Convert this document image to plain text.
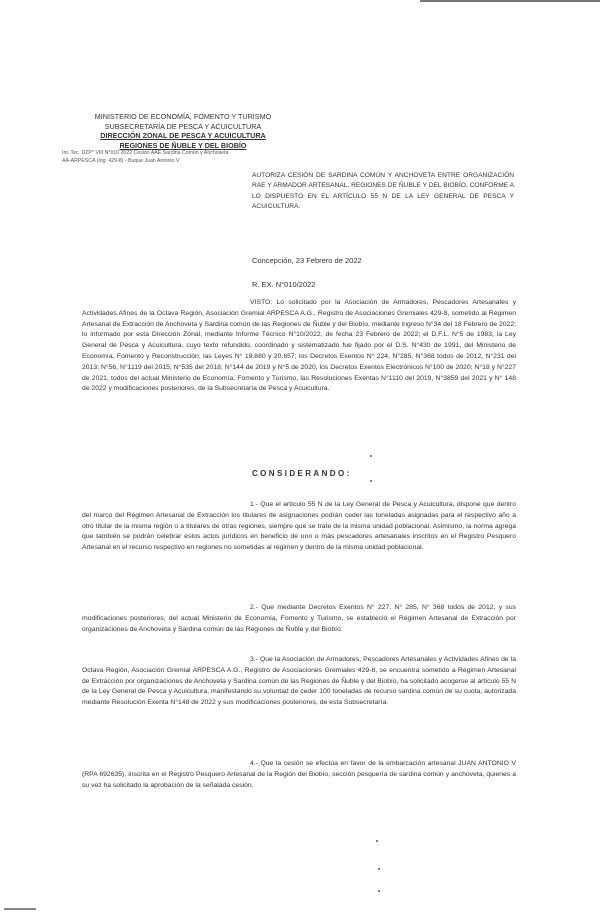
MINISTERIO DE ECONOMÍA, FOMENTO Y TURISMO
SUBSECRETARÍA DE PESCA Y ACUICULTURA
DIRECCIÓN ZONAL DE PESCA Y ACUICULTURA
REGIONES DE ÑUBLE Y DEL BIOBÍO
Int. Tec. DZP° VIII N°010 2022 Cesión AAE Sardina Común y Anchoveta
AA-ARPESCA (Ing. 429-8) - Buque Juan Antonio V
AUTORIZA CESIÓN DE SARDINA COMÚN Y ANCHOVETA ENTRE ORGANIZACIÓN RAE Y ARMADOR ARTESANAL, REGIONES DE ÑUBLE Y DEL BIOBÍO, CONFORME A LO DISPUESTO EN EL ARTÍCULO 55 N DE LA LEY GENERAL DE PESCA Y ACUICULTURA.
Concepción, 23 Febrero de 2022
R. EX. N°010/2022
VISTO: Lo solicitado por la Asociación de Armadores, Pescadores Artesanales y Actividades Afines de la Octava Región, Asociación Gremial ARPESCA A.G., Registro de Asociaciones Gremiales 429-8, sometido al Régimen Artesanal de Extracción de Anchoveta y Sardina común de las Regiones de Ñuble y del Biobío, mediante ingreso N°34 del 18 Febrero de 2022; lo informado por esta Dirección Zonal, mediante Informe Técnico N°10/2022, de fecha 23 Febrero de 2022; el D.F.L. N°5 de 1983, la Ley General de Pesca y Acuicultura, cuyo texto refundido, coordinado y sistematizado fue fijado por el D.S. N°430 de 1991, del Ministerio de Economía, Fomento y Reconstrucción; las Leyes N° 19.880 y 20.657; los Decretos Exentos N° 224, N°285, N°368 todos de 2012, N°231 del 2013; N°56, N°1119 del 2015, N°535 del 2018; N°144 de 2019 y N°5 de 2020, los Decretos Exentos Electrónicos N°100 de 2020; N°18 y N°227 de 2021, todos del actual Ministerio de Economía, Fomento y Turismo, las Resoluciones Exentas N°1110 del 2019, N°3859 del 2021 y N° 148 de 2022 y modificaciones posteriores, de la Subsecretaría de Pesca y Acuicultura.
CONSIDERANDO:
1.- Que el artículo 55 N de la Ley General de Pesca y Acuicultura, dispone que dentro del marco del Régimen Artesanal de Extracción los titulares de asignaciones podrán ceder las toneladas asignadas para el respectivo año a otro titular de la misma región o a titulares de otras regiones, siempre que se trate de la misma unidad poblacional. Asimismo, la norma agrega que también se podrán celebrar estos actos jurídicos en beneficio de uno o más pescadores artesanales inscritos en el Registro Pesquero Artesanal en el recurso respectivo en regiones no sometidas al régimen y dentro de la misma unidad poblacional.
2.- Que mediante Decretos Exentos N° 227, N° 285, N° 368 todos de 2012, y sus modificaciones posteriores, del actual Ministerio de Economía, Fomento y Turismo, se estableció el Régimen Artesanal de Extracción por organizaciones de Anchoveta y Sardina común de las Regiones de Ñuble y del Biobío.
3.- Que la Asociación de Armadores, Pescadores Artesanales y Actividades Afines de la Octava Región, Asociación Gremial ARPESCA A.G., Registro de Asociaciones Gremiales 429-8, se encuentra sometido a Régimen Artesanal de Extracción por organizaciones de Anchoveta y Sardina común de las Regiones de Ñuble y del Biobío, ha solicitado acogerse al artículo 55 N de la Ley General de Pesca y Acuicultura, manifestando su voluntad de ceder 100 toneladas de recurso sardina común de su cuota, autorizada mediante Resolución Exenta N°148 de 2022 y sus modificaciones posteriores, de esta Subsecretaría.
4.- Que la cesión se efectúa en favor de la embarcación artesanal JUAN ANTONIO V (RPA 692635), inscrita en el Registro Pesquero Artesanal de la Región del Biobío, sección pesquería de sardina común y anchoveta, quienes a su vez ha solicitado la aprobación de la señalada cesión.
